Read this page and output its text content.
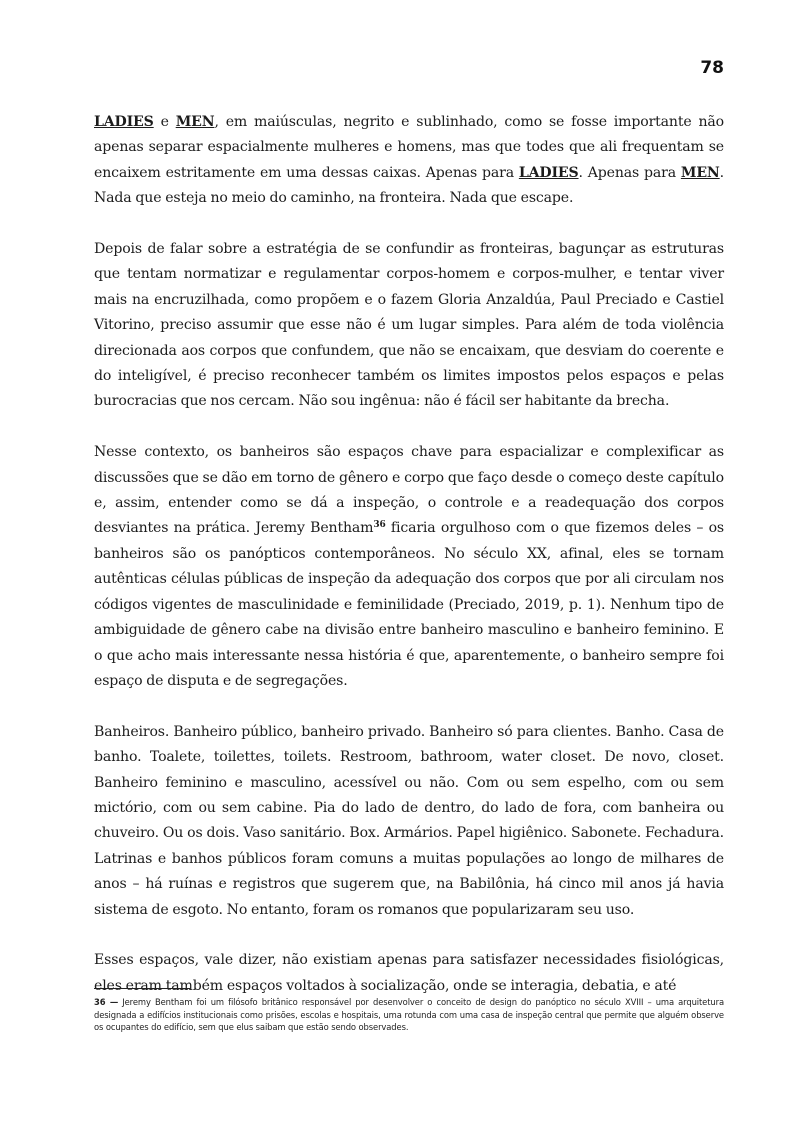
78

LADIES e MEN, em maiúsculas, negrito e sublinhado, como se fosse importante não apenas separar espacialmente mulheres e homens, mas que todes que ali frequentam se encaixem estritamente em uma dessas caixas. Apenas para LADIES. Apenas para MEN. Nada que esteja no meio do caminho, na fronteira. Nada que escape.

Depois de falar sobre a estratégia de se confundir as fronteiras, bagunçar as estruturas que tentam normatizar e regulamentar corpos-homem e corpos-mulher, e tentar viver mais na encruzilhada, como propõem e o fazem Gloria Anzaldúa, Paul Preciado e Castiel Vitorino, preciso assumir que esse não é um lugar simples. Para além de toda violência direcionada aos corpos que confundem, que não se encaixam, que desviam do coerente e do inteligível, é preciso reconhecer também os limites impostos pelos espaços e pelas burocracias que nos cercam. Não sou ingênua: não é fácil ser habitante da brecha.

Nesse contexto, os banheiros são espaços chave para espacializar e complexificar as discussões que se dão em torno de gênero e corpo que faço desde o começo deste capítulo e, assim, entender como se dá a inspeção, o controle e a readequação dos corpos desviantes na prática. Jeremy Bentham$^{36}$ ficaria orgulhoso com o que fizemos deles – os banheiros são os panópticos contemporâneos. No século XX, afinal, eles se tornam autênticas células públicas de inspeção da adequação dos corpos que por ali circulam nos códigos vigentes de masculinidade e feminilidade (Preciado, 2019, p. 1). Nenhum tipo de ambiguidade de gênero cabe na divisão entre banheiro masculino e banheiro feminino. E o que acho mais interessante nessa história é que, aparentemente, o banheiro sempre foi espaço de disputa e de segregações.

Banheiros. Banheiro público, banheiro privado. Banheiro só para clientes. Banho. Casa de banho. Toalete, toilettes, toilets. Restroom, bathroom, water closet. De novo, closet. Banheiro feminino e masculino, acessível ou não. Com ou sem espelho, com ou sem mictório, com ou sem cabine. Pia do lado de dentro, do lado de fora, com banheira ou chuveiro. Ou os dois. Vaso sanitário. Box. Armários. Papel higiênico. Sabonete. Fechadura. Latrinas e banhos públicos foram comuns a muitas populações ao longo de milhares de anos – há ruínas e registros que sugerem que, na Babilônia, há cinco mil anos já havia sistema de esgoto. No entanto, foram os romanos que popularizaram seu uso.

Esses espaços, vale dizer, não existiam apenas para satisfazer necessidades fisiológicas, eles eram também espaços voltados à socialização, onde se interagia, debatia, e até

36 — Jeremy Bentham foi um filósofo britânico responsável por desenvolver o conceito de design do panóptico no século XVIII – uma arquitetura designada a edifícios institucionais como prisões, escolas e hospitais, uma rotunda com uma casa de inspeção central que permite que alguém observe os ocupantes do edifício, sem que elus saibam que estão sendo observades.
